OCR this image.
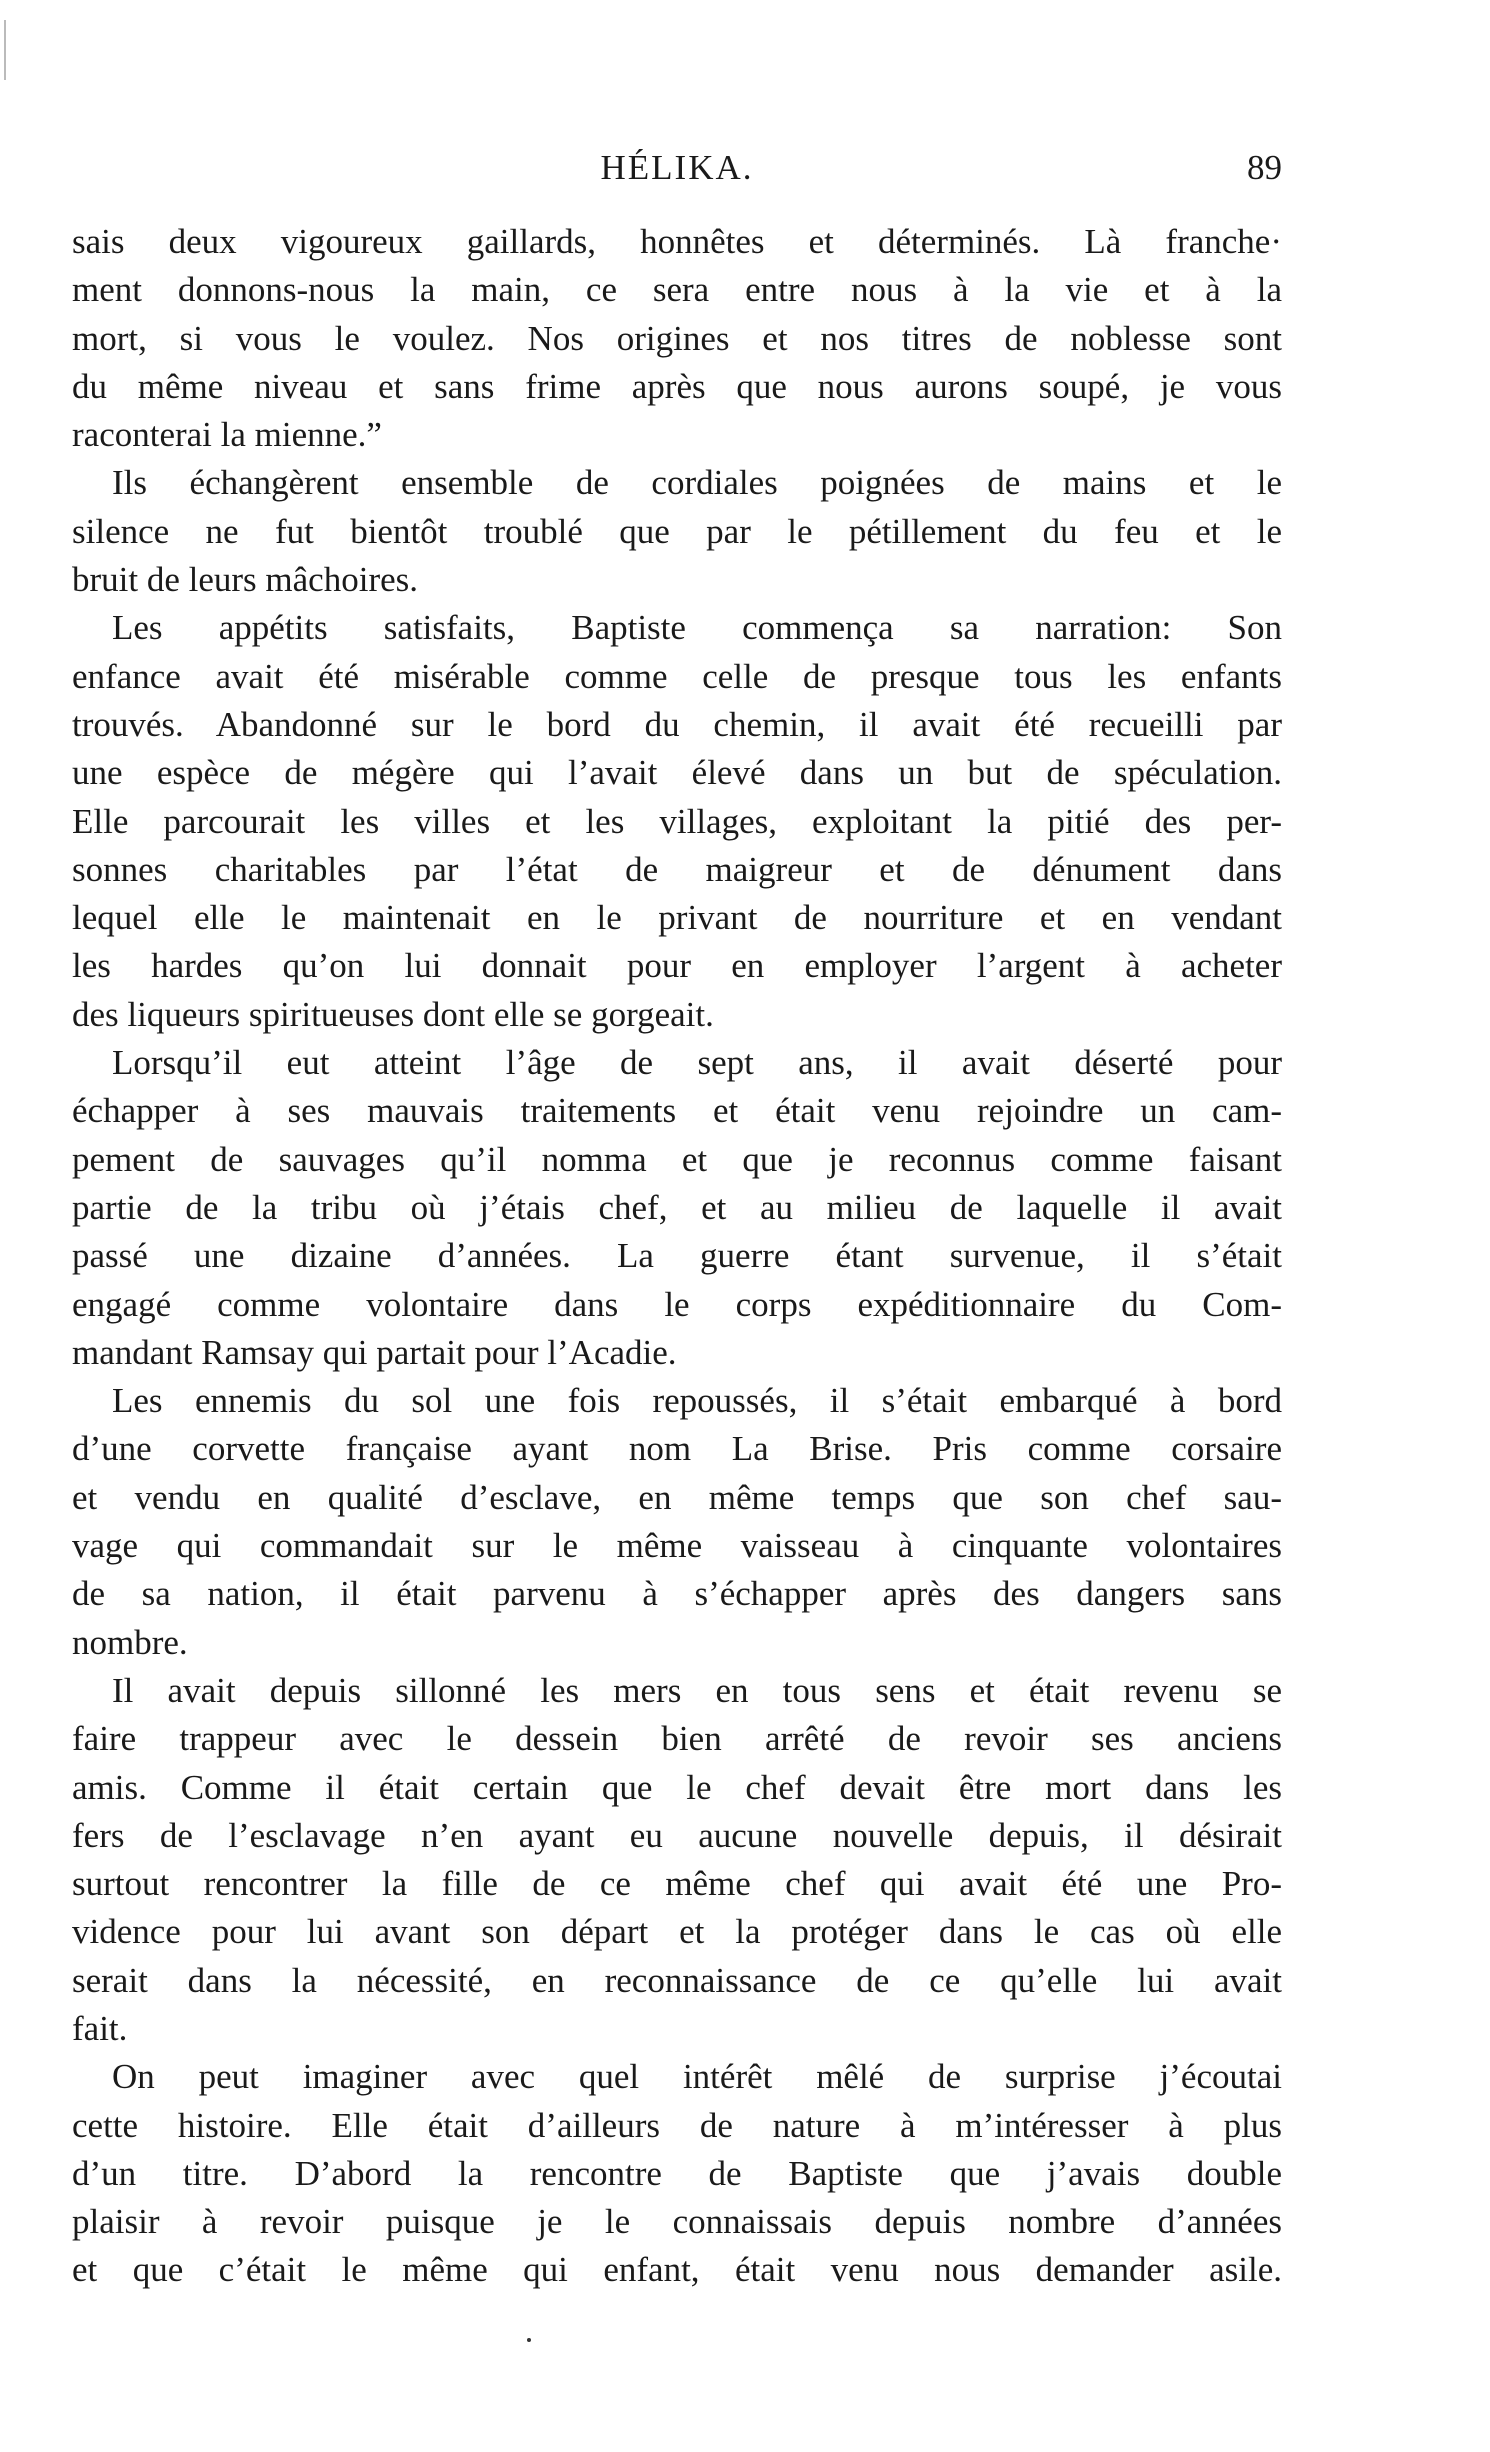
HÉLIKA.	89
sais deux vigoureux gaillards, honnêtes et déterminés. Là franche·
ment donnons-nous la main, ce sera entre nous à la vie et à la
mort, si vous le voulez. Nos origines et nos titres de noblesse sont
du même niveau et sans frime après que nous aurons soupé, je vous
raconterai la mienne.”
Ils échangèrent ensemble de cordiales poignées de mains et le
silence ne fut bientôt troublé que par le pétillement du feu et le
bruit de leurs mâchoires.
Les appétits satisfaits, Baptiste commença sa narration: Son
enfance avait été misérable comme celle de presque tous les enfants
trouvés. Abandonné sur le bord du chemin, il avait été recueilli par
une espèce de mégère qui l’avait élevé dans un but de spéculation.
Elle parcourait les villes et les villages, exploitant la pitié des per-
sonnes charitables par l’état de maigreur et de dénument dans
lequel elle le maintenait en le privant de nourriture et en vendant
les hardes qu’on lui donnait pour en employer l’argent à acheter
des liqueurs spiritueuses dont elle se gorgeait.
Lorsqu’il eut atteint l’âge de sept ans, il avait déserté pour
échapper à ses mauvais traitements et était venu rejoindre un cam-
pement de sauvages qu’il nomma et que je reconnus comme faisant
partie de la tribu où j’étais chef, et au milieu de laquelle il avait
passé une dizaine d’années. La guerre étant survenue, il s’était
engagé comme volontaire dans le corps expéditionnaire du Com-
mandant Ramsay qui partait pour l’Acadie.
Les ennemis du sol une fois repoussés, il s’était embarqué à bord
d’une corvette française ayant nom La Brise. Pris comme corsaire
et vendu en qualité d’esclave, en même temps que son chef sau-
vage qui commandait sur le même vaisseau à cinquante volontaires
de sa nation, il était parvenu à s’échapper après des dangers sans
nombre.
Il avait depuis sillonné les mers en tous sens et était revenu se
faire trappeur avec le dessein bien arrêté de revoir ses anciens
amis. Comme il était certain que le chef devait être mort dans les
fers de l’esclavage n’en ayant eu aucune nouvelle depuis, il désirait
surtout rencontrer la fille de ce même chef qui avait été une Pro-
vidence pour lui avant son départ et la protéger dans le cas où elle
serait dans la nécessité, en reconnaissance de ce qu’elle lui avait
fait.
On peut imaginer avec quel intérêt mêlé de surprise j’écoutai
cette histoire. Elle était d’ailleurs de nature à m’intéresser à plus
d’un titre. D’abord la rencontre de Baptiste que j’avais double
plaisir à revoir puisque je le connaissais depuis nombre d’années
et que c’était le même qui enfant, était venu nous demander asile.
